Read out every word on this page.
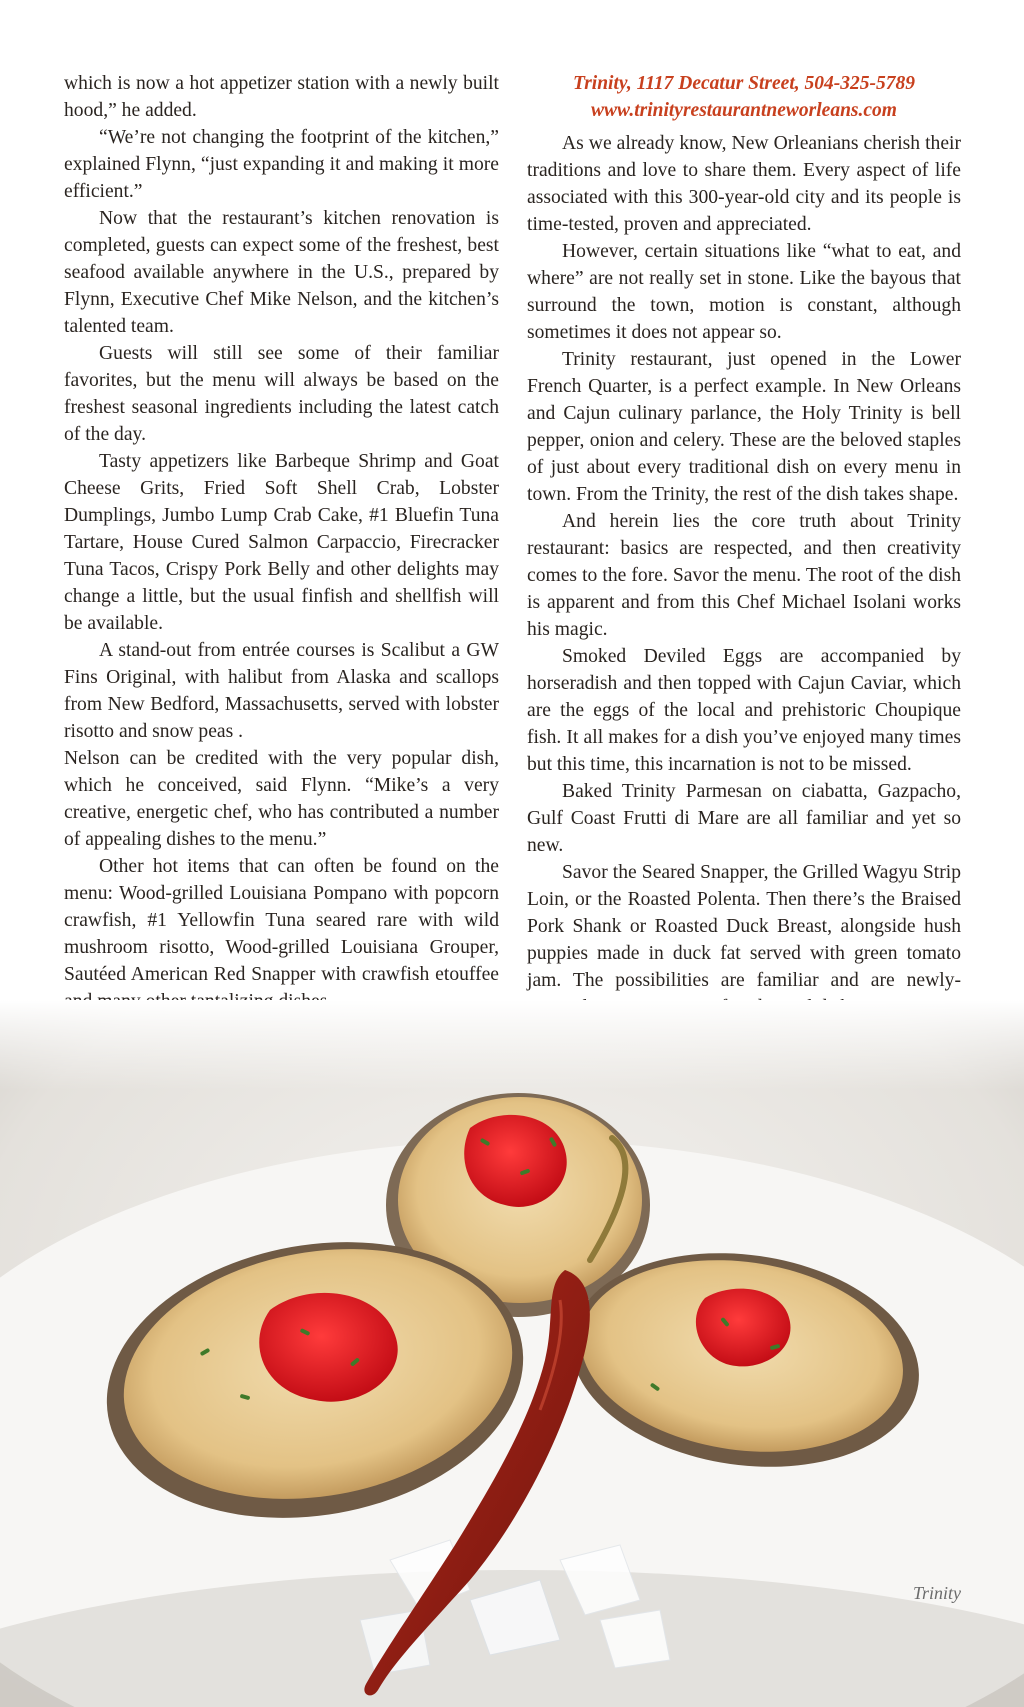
which is now a hot appetizer station with a newly built hood,” he added.

“We’re not changing the footprint of the kitchen,” explained Flynn, “just expanding it and making it more efficient.”

Now that the restaurant’s kitchen renovation is completed, guests can expect some of the freshest, best seafood available anywhere in the U.S., prepared by Flynn, Executive Chef Mike Nelson, and the kitchen’s talented team.

Guests will still see some of their familiar favorites, but the menu will always be based on the freshest seasonal ingredients including the latest catch of the day.

Tasty appetizers like Barbeque Shrimp and Goat Cheese Grits, Fried Soft Shell Crab, Lobster Dumplings, Jumbo Lump Crab Cake, #1 Bluefin Tuna Tartare, House Cured Salmon Carpaccio, Firecracker Tuna Tacos, Crispy Pork Belly and other delights may change a little, but the usual finfish and shellfish will be available.

A stand-out from entrée courses is Scalibut a GW Fins Original, with halibut from Alaska and scallops from New Bedford, Massachusetts, served with lobster risotto and snow peas .

Nelson can be credited with the very popular dish, which he conceived, said Flynn. “Mike’s a very creative, energetic chef, who has contributed a number of appealing dishes to the menu.”

Other hot items that can often be found on the menu: Wood-grilled Louisiana Pompano with popcorn crawfish, #1 Yellowfin Tuna seared rare with wild mushroom risotto, Wood-grilled Louisiana Grouper, Sautéed American Red Snapper with crawfish etouffee

Trinity, 1117 Decatur Street, 504-325-5789
www.trinityrestaurantneworleans.com

As we already know, New Orleanians cherish their traditions and love to share them. Every aspect of life associated with this 300-year-old city and its people is time-tested, proven and appreciated.

However, certain situations like “what to eat, and where” are not really set in stone. Like the bayous that surround the town, motion is constant, although sometimes it does not appear so.

Trinity restaurant, just opened in the Lower French Quarter, is a perfect example. In New Orleans and Cajun culinary parlance, the Holy Trinity is bell pepper, onion and celery. These are the beloved staples of just about every traditional dish on every menu in town. From the Trinity, the rest of the dish takes shape.

And herein lies the core truth about Trinity restaurant: basics are respected, and then creativity comes to the fore. Savor the menu. The root of the dish is apparent and from this Chef Michael Isolani works his magic.

Smoked Deviled Eggs are accompanied by horseradish and then topped with Cajun Caviar, which are the eggs of the local and prehistoric Choupique fish. It all makes for a dish you’ve enjoyed many times but this time, this incarnation is not to be missed.

Baked Trinity Parmesan on ciabatta, Gazpacho, Gulf Coast Frutti di Mare are all familiar and yet so new.

Savor the Seared Snapper, the Grilled Wagyu Strip Loin, or the Roasted Polenta. Then there’s the Braised Pork Shank or Roasted Duck Breast, alongside hush puppies made in duck fat served with green tomato jam. The possibilities are familiar and are newly-

Trinity
